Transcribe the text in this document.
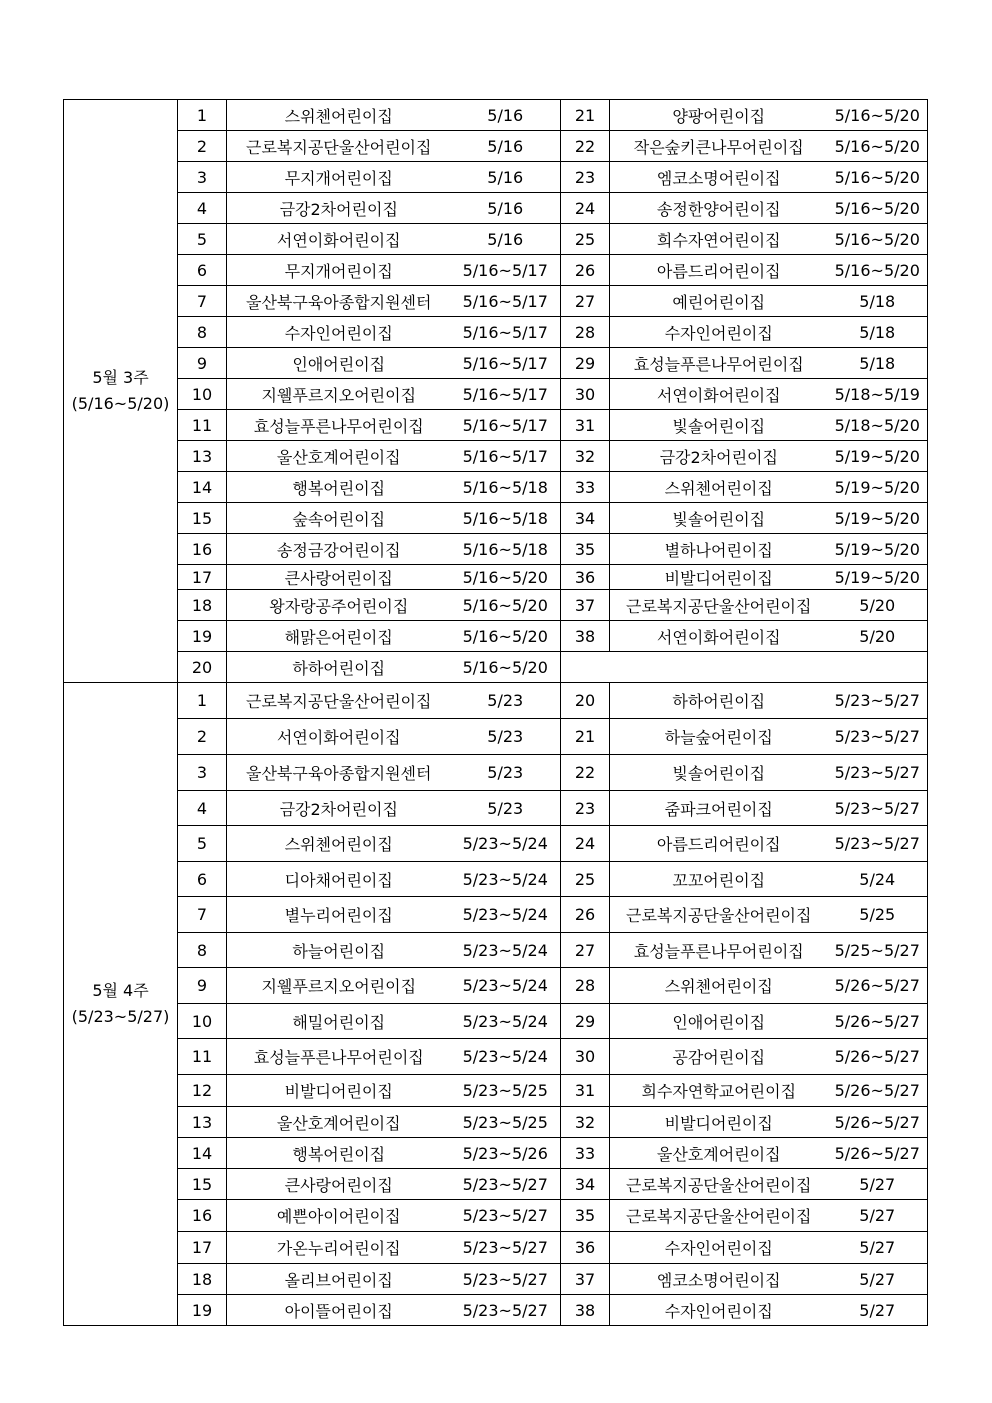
5월 3주
(5/16~5/20)	1	스위첸어린이집	5/16	21	양팡어린이집	5/16~5/20
	2	근로복지공단울산어린이집	5/16	22	작은숲키큰나무어린이집	5/16~5/20
	3	무지개어린이집	5/16	23	엠코소명어린이집	5/16~5/20
	4	금강2차어린이집	5/16	24	송정한양어린이집	5/16~5/20
	5	서연이화어린이집	5/16	25	희수자연어린이집	5/16~5/20
	6	무지개어린이집	5/16~5/17	26	아름드리어린이집	5/16~5/20
	7	울산북구육아종합지원센터	5/16~5/17	27	예린어린이집	5/18
	8	수자인어린이집	5/16~5/17	28	수자인어린이집	5/18
	9	인애어린이집	5/16~5/17	29	효성늘푸른나무어린이집	5/18
	10	지웰푸르지오어린이집	5/16~5/17	30	서연이화어린이집	5/18~5/19
	11	효성늘푸른나무어린이집	5/16~5/17	31	빛솔어린이집	5/18~5/20
	13	울산호계어린이집	5/16~5/17	32	금강2차어린이집	5/19~5/20
	14	행복어린이집	5/16~5/18	33	스위첸어린이집	5/19~5/20
	15	숲속어린이집	5/16~5/18	34	빛솔어린이집	5/19~5/20
	16	송정금강어린이집	5/16~5/18	35	별하나어린이집	5/19~5/20
	17	큰사랑어린이집	5/16~5/20	36	비발디어린이집	5/19~5/20
	18	왕자랑공주어린이집	5/16~5/20	37	근로복지공단울산어린이집	5/20
	19	해맑은어린이집	5/16~5/20	38	서연이화어린이집	5/20
	20	하하어린이집	5/16~5/20			

5월 4주
(5/23~5/27)	1	근로복지공단울산어린이집	5/23	20	하하어린이집	5/23~5/27
	2	서연이화어린이집	5/23	21	하늘숲어린이집	5/23~5/27
	3	울산북구육아종합지원센터	5/23	22	빛솔어린이집	5/23~5/27
	4	금강2차어린이집	5/23	23	줌파크어린이집	5/23~5/27
	5	스위첸어린이집	5/23~5/24	24	아름드리어린이집	5/23~5/27
	6	디아채어린이집	5/23~5/24	25	꼬꼬어린이집	5/24
	7	별누리어린이집	5/23~5/24	26	근로복지공단울산어린이집	5/25
	8	하늘어린이집	5/23~5/24	27	효성늘푸른나무어린이집	5/25~5/27
	9	지웰푸르지오어린이집	5/23~5/24	28	스위첸어린이집	5/26~5/27
	10	해밀어린이집	5/23~5/24	29	인애어린이집	5/26~5/27
	11	효성늘푸른나무어린이집	5/23~5/24	30	공감어린이집	5/26~5/27
	12	비발디어린이집	5/23~5/25	31	희수자연학교어린이집	5/26~5/27
	13	울산호계어린이집	5/23~5/25	32	비발디어린이집	5/26~5/27
	14	행복어린이집	5/23~5/26	33	울산호계어린이집	5/26~5/27
	15	큰사랑어린이집	5/23~5/27	34	근로복지공단울산어린이집	5/27
	16	예쁜아이어린이집	5/23~5/27	35	근로복지공단울산어린이집	5/27
	17	가온누리어린이집	5/23~5/27	36	수자인어린이집	5/27
	18	올리브어린이집	5/23~5/27	37	엠코소명어린이집	5/27
	19	아이뜰어린이집	5/23~5/27	38	수자인어린이집	5/27
